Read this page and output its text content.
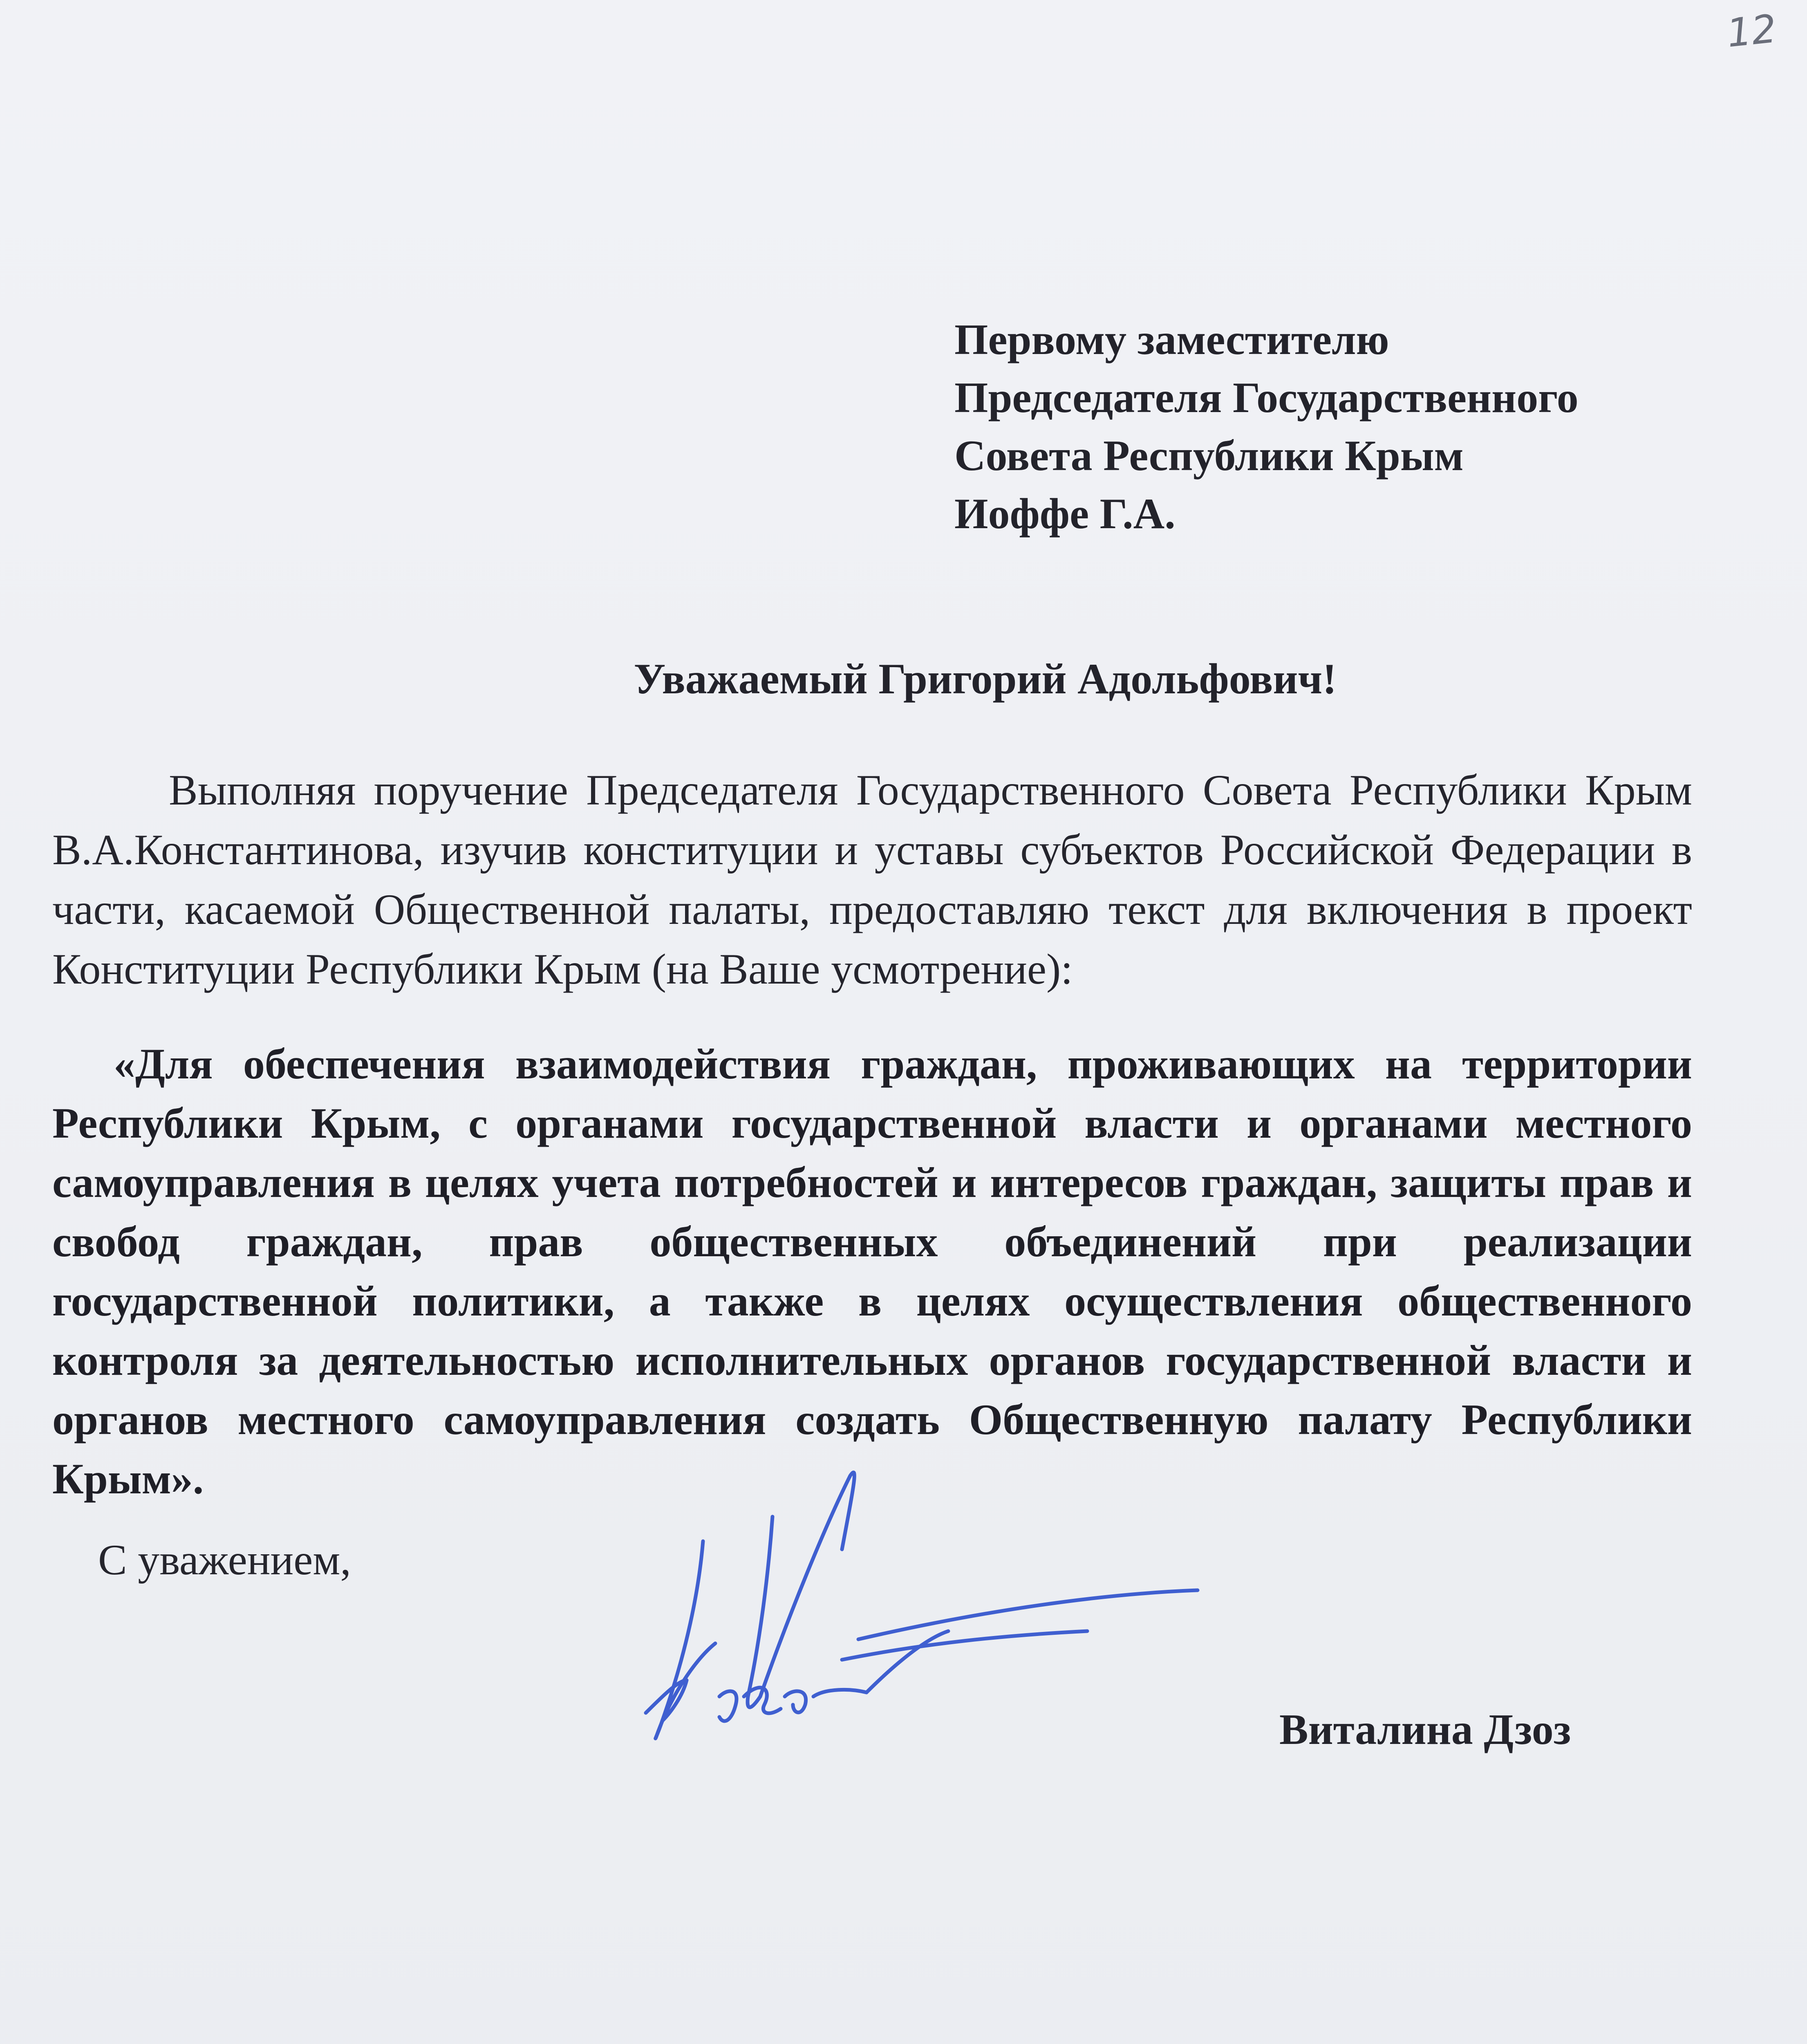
12
Первому заместителю
Председателя Государственного
Совета Республики Крым
Иоффе Г.А.
Уважаемый Григорий Адольфович!
Выполняя поручение Председателя Государственного Совета Республики Крым В.А.Константинова, изучив конституции и уставы субъектов Российской Федерации в части, касаемой Общественной палаты, предоставляю текст для включения в проект Конституции Республики Крым (на Ваше усмотрение):
«Для обеспечения взаимодействия граждан, проживающих на территории Республики Крым, с органами государственной власти и органами местного самоуправления в целях учета потребностей и интересов граждан, защиты прав и свобод граждан, прав общественных объединений при реализации государственной политики, а также в целях осуществления общественного контроля за деятельностью исполнительных органов государственной власти и органов местного самоуправления создать Общественную палату Республики Крым».
С уважением,
Виталина Дзоз
